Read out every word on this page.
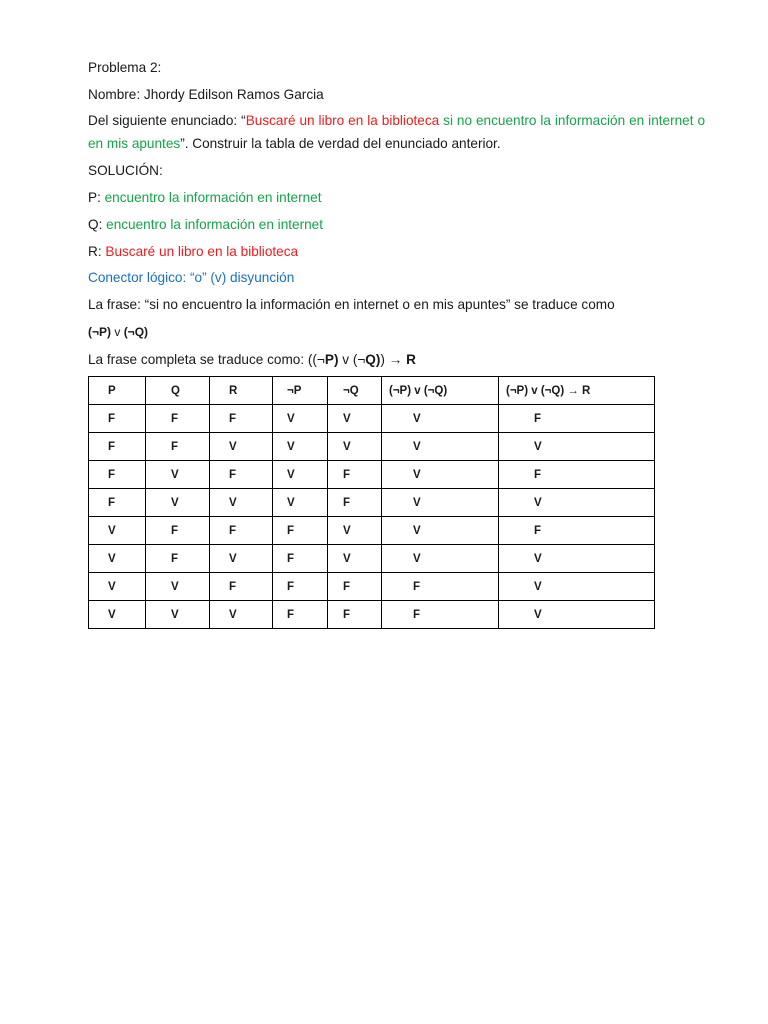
Problema 2:
Nombre: Jhordy Edilson Ramos Garcia
Del siguiente enunciado: “Buscaré un libro en la biblioteca si no encuentro la información en internet o en mis apuntes”. Construir la tabla de verdad del enunciado anterior.
SOLUCIÓN:
P: encuentro la información en internet
Q: encuentro la información en internet
R: Buscaré un libro en la biblioteca
Conector lógico: “o” (v) disyunción
La frase: “si no encuentro la información en internet o en mis apuntes” se traduce como
(¬P) v (¬Q)
La frase completa se traduce como: ((¬P) v (¬Q)) → R
P	Q	R	¬P	¬Q	(¬P) v (¬Q)	(¬P) v (¬Q) → R
F	F	F	V	V	V	F
F	F	V	V	V	V	V
F	V	F	V	F	V	F
F	V	V	V	F	V	V
V	F	F	F	V	V	F
V	F	V	F	V	V	V
V	V	F	F	F	F	V
V	V	V	F	F	F	V
